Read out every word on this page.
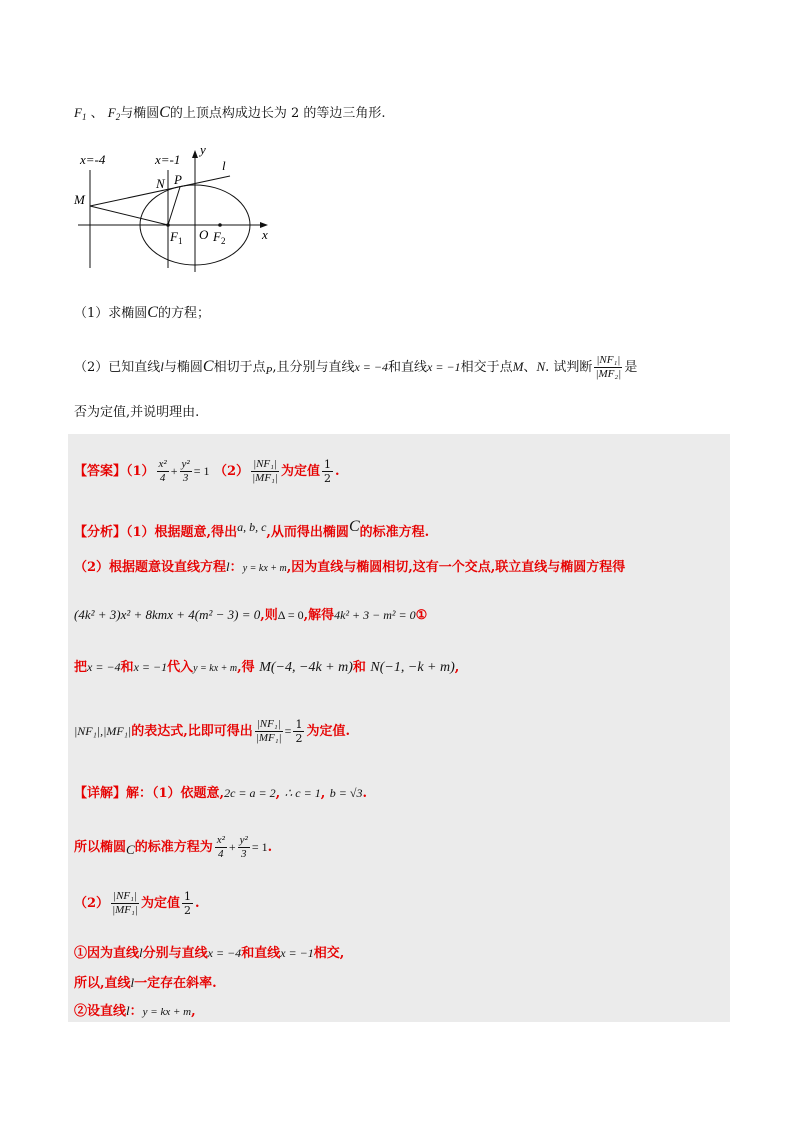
$F_1$ 、 $F_2$与椭圆C的上顶点构成边长为 2 的等边三角形.
x=-4	x=-1
y
l
N P
M
$F_1$ O $F_2$	x
（1）求椭圆C的方程；
（2）已知直线l与椭圆C相切于点$_P$,且分别与直线x = −4和直线x = −1相交于点M、N. 试判断 $\frac{\text{|NF₁|}}{\text{|MF₂|}}$ 是
否为定值,并说明理由.
【答案】$(1) \frac{\text{x²}}{4} + \frac{\text{y²}}{3} = 1$ $(2) \frac{\text{|NF₁|}}{\text{|MF₁|}}$ 为定值 $\frac{1}{2}$ .
【分析】（1）根据题意,得出a, b, c,从而得出椭圆C的标准方程.
（2）根据题意设直线方程l：y = kx + m,因为直线与椭圆相切,这有一个交点,联立直线与椭圆方程得
(4k² + 3)x² + 8kmx + 4(m² − 3) = 0,则Δ = 0,解得4k² + 3 − m² = 0①
把x = −4和x = −1代入y = kx + m,得 M(−4, −4k + m)和 N(−1, −k + m),
|NF₁|,|MF₁|的表达式,比即可得出 $\frac{\text{|NF₁|}}{\text{|MF₁|}} = \frac{1}{2}$ 为定值.
【详解】解：（1）依题意,2c = a = 2, ∴ c = 1, b = √3.
所以椭圆C的标准方程为 $\frac{\text{x²}}{4} + \frac{\text{y²}}{3} = 1$.
$(2) \frac{\text{|NF₁|}}{\text{|MF₁|}}$ 为定值 $\frac{1}{2}$ .
①因为直线l分别与直线x = −4和直线x = −1相交,
所以,直线l一定存在斜率.
②设直线l：y = kx + m,
